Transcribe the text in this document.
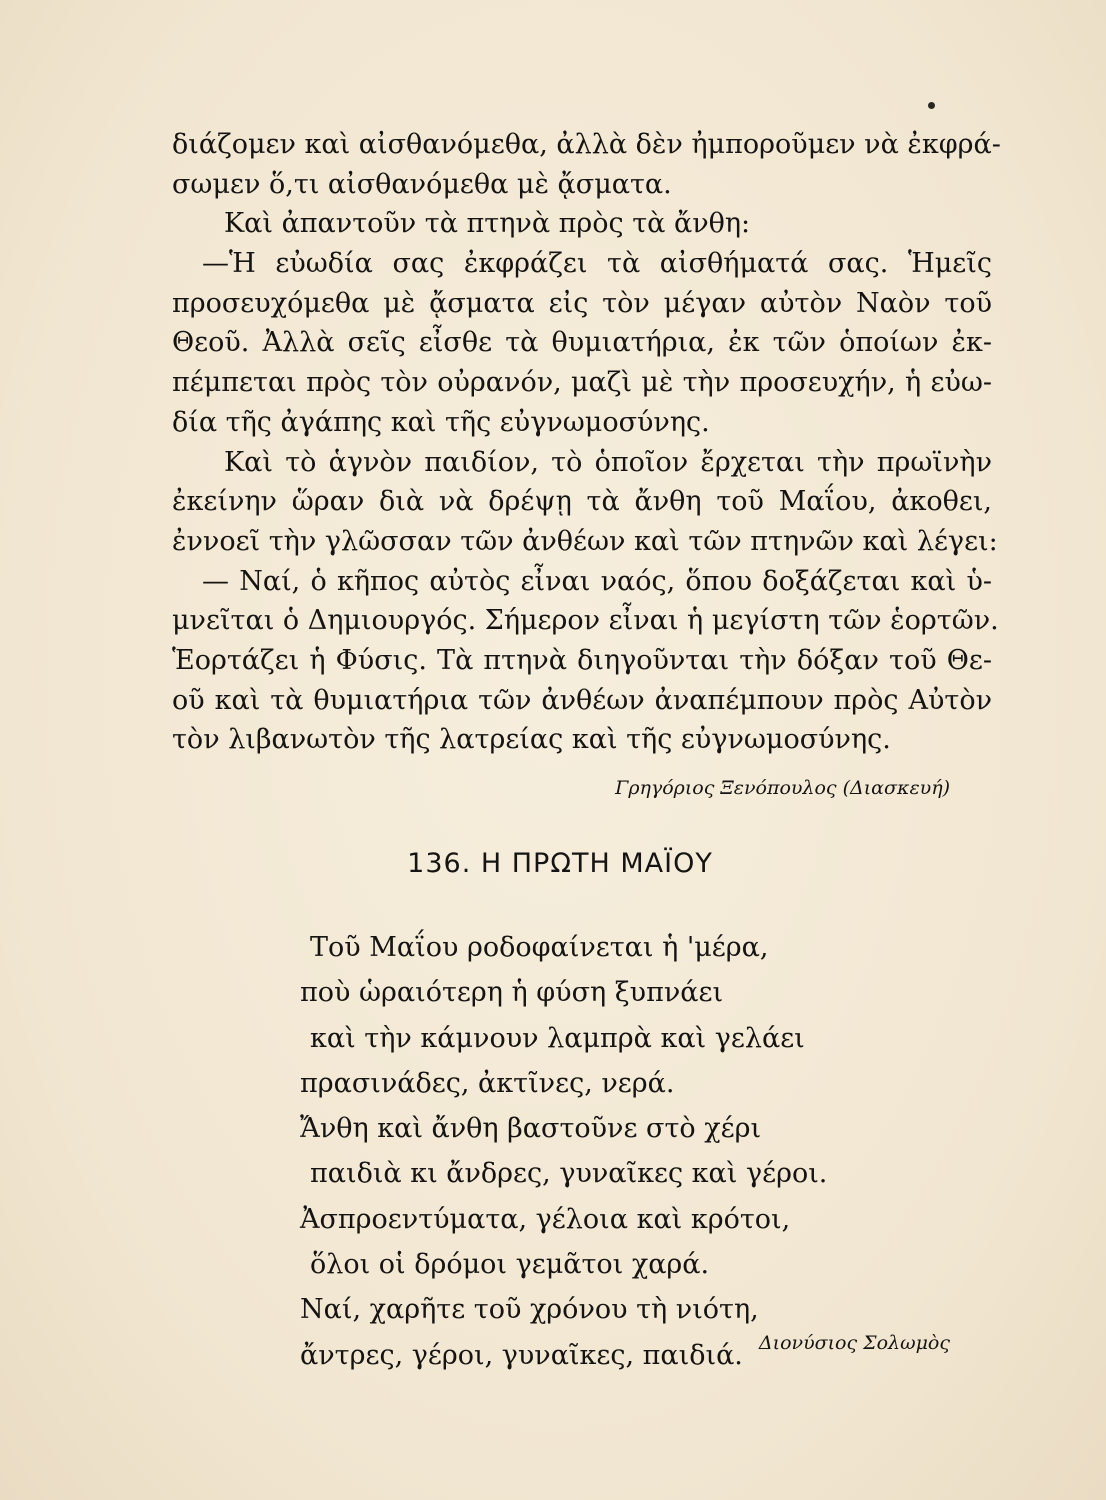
διάζομεν καὶ αἰσθανόμεθα, ἀλλὰ δὲν ἠμποροῦμεν νὰ ἐκφρά-
σωμεν ὅ,τι αἰσθανόμεθα μὲ ᾄσματα.
Καὶ ἀπαντοῦν τὰ πτηνὰ πρὸς τὰ ἄνθη:
—Ἡ εὐωδία σας ἐκφράζει τὰ αἰσθήματά σας. Ἡμεῖς
προσευχόμεθα μὲ ᾄσματα εἰς τὸν μέγαν αὐτὸν Ναὸν τοῦ
Θεοῦ. Ἀλλὰ σεῖς εἶσθε τὰ θυμιατήρια, ἐκ τῶν ὁποίων ἐκ-
πέμπεται πρὸς τὸν οὐρανόν, μαζὶ μὲ τὴν προσευχήν, ἡ εὐω-
δία τῆς ἀγάπης καὶ τῆς εὐγνωμοσύνης.
Καὶ τὸ ἁγνὸν παιδίον, τὸ ὁποῖον ἔρχεται τὴν πρωϊνὴν
ἐκείνην ὥραν διὰ νὰ δρέψῃ τὰ ἄνθη τοῦ Μαΐου, ἀκοθει,
ἐννοεῖ τὴν γλῶσσαν τῶν ἀνθέων καὶ τῶν πτηνῶν καὶ λέγει:
— Ναί, ὁ κῆπος αὐτὸς εἶναι ναός, ὅπου δοξάζεται καὶ ὑ-
μνεῖται ὁ Δημιουργός. Σήμερον εἶναι ἡ μεγίστη τῶν ἑορτῶν.
Ἑορτάζει ἡ Φύσις. Τὰ πτηνὰ διηγοῦνται τὴν δόξαν τοῦ Θε-
οῦ καὶ τὰ θυμιατήρια τῶν ἀνθέων ἀναπέμπουν πρὸς Αὐτὸν
τὸν λιβανωτὸν τῆς λατρείας καὶ τῆς εὐγνωμοσύνης.
Γρηγόριος Ξενόπουλος (Διασκευή)
136. Η ΠΡΩΤΗ ΜΑΪΟΥ
Τοῦ Μαΐου ροδοφαίνεται ἡ 'μέρα,
ποὺ ὡραιότερη ἡ φύση ξυπνάει
καὶ τὴν κάμνουν λαμπρὰ καὶ γελάει
πρασινάδες, ἀκτῖνες, νερά.
Ἄνθη καὶ ἄνθη βαστοῦνε στὸ χέρι
παιδιὰ κι ἄνδρες, γυναῖκες καὶ γέροι.
Ἀσπροεντύματα, γέλοια καὶ κρότοι,
ὅλοι οἱ δρόμοι γεμᾶτοι χαρά.
Ναί, χαρῆτε τοῦ χρόνου τὴ νιότη,
ἄντρες, γέροι, γυναῖκες, παιδιά. Διονύσιος Σολωμὸς
